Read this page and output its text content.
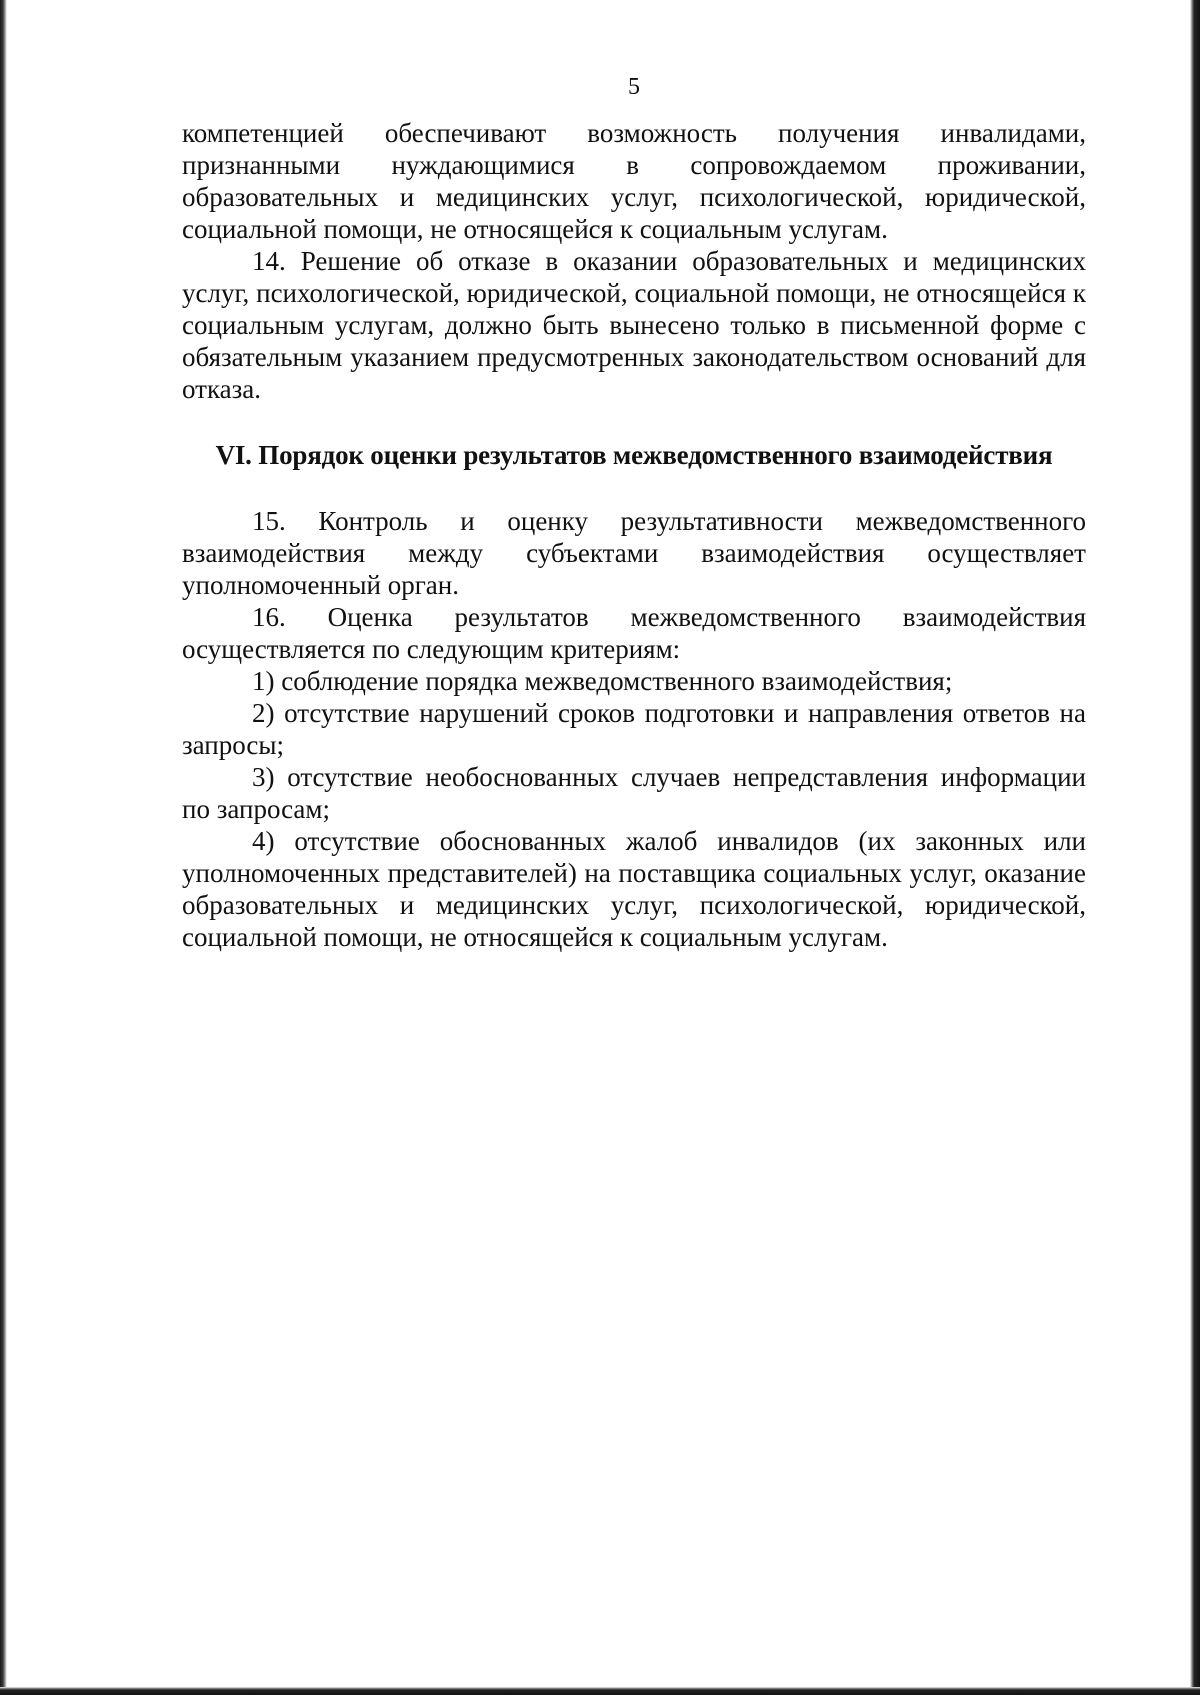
5

компетенцией обеспечивают возможность получения инвалидами, признанными нуждающимися в сопровождаемом проживании, образовательных и медицинских услуг, психологической, юридической, социальной помощи, не относящейся к социальным услугам.

14. Решение об отказе в оказании образовательных и медицинских услуг, психологической, юридической, социальной помощи, не относящейся к социальным услугам, должно быть вынесено только в письменной форме с обязательным указанием предусмотренных законодательством оснований для отказа.

VI. Порядок оценки результатов межведомственного взаимодействия

15. Контроль и оценку результативности межведомственного взаимодействия между субъектами взаимодействия осуществляет уполномоченный орган.

16. Оценка результатов межведомственного взаимодействия осуществляется по следующим критериям:

1) соблюдение порядка межведомственного взаимодействия;

2) отсутствие нарушений сроков подготовки и направления ответов на запросы;

3) отсутствие необоснованных случаев непредставления информации по запросам;

4) отсутствие обоснованных жалоб инвалидов (их законных или уполномоченных представителей) на поставщика социальных услуг, оказание образовательных и медицинских услуг, психологической, юридической, социальной помощи, не относящейся к социальным услугам.
